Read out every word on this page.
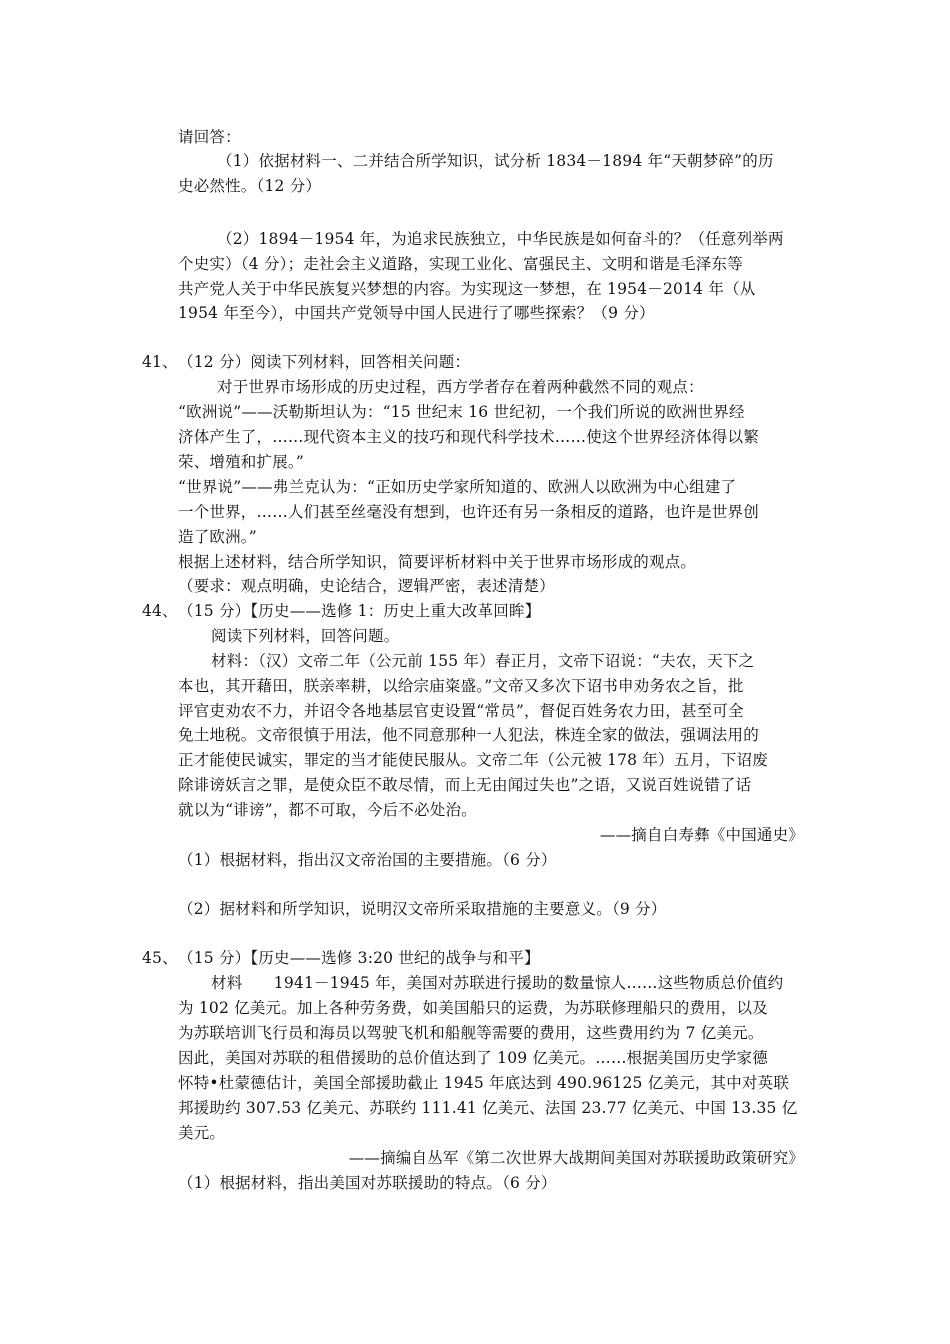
请回答：
（1）依据材料一、二并结合所学知识，试分析 1834－1894 年“天朝梦碎”的历
史必然性。（12 分）
（2）1894－1954 年，为追求民族独立，中华民族是如何奋斗的？（任意列举两
个史实）（4 分）；走社会主义道路，实现工业化、富强民主、文明和谐是毛泽东等
共产党人关于中华民族复兴梦想的内容。为实现这一梦想，在 1954－2014 年（从
1954 年至今），中国共产党领导中国人民进行了哪些探索？（9 分）
41、 （12 分）阅读下列材料，回答相关问题：
对于世界市场形成的历史过程，西方学者存在着两种截然不同的观点：
“欧洲说”——沃勒斯坦认为：“15 世纪末 16 世纪初，一个我们所说的欧洲世界经
济体产生了，……现代资本主义的技巧和现代科学技术……使这个世界经济体得以繁
荣、增殖和扩展。”
“世界说”——弗兰克认为：“正如历史学家所知道的、欧洲人以欧洲为中心组建了
一个世界，……人们甚至丝毫没有想到，也许还有另一条相反的道路，也许是世界创
造了欧洲。”
根据上述材料，结合所学知识，简要评析材料中关于世界市场形成的观点。
（要求：观点明确，史论结合，逻辑严密，表述清楚）
44、 （15 分）【历史——选修 1：历史上重大改革回眸】
阅读下列材料，回答问题。
材料：（汉）文帝二年（公元前 155 年）春正月，文帝下诏说：“夫农，天下之
本也，其开藉田，朕亲率耕，以给宗庙粢盛。”文帝又多次下诏书申劝务农之旨，批
评官吏劝农不力，并诏令各地基层官吏设置“常员”，督促百姓务农力田，甚至可全
免土地税。文帝很慎于用法，他不同意那种一人犯法，株连全家的做法，强调法用的
正才能使民诚实，罪定的当才能使民服从。文帝二年（公元被 178 年）五月，下诏废
除诽谤妖言之罪，是使众臣不敢尽情，而上无由闻过失也”之语，又说百姓说错了话
就以为“诽谤”，都不可取，今后不必处治。
——摘自白寿彝《中国通史》
（1）根据材料，指出汉文帝治国的主要措施。（6 分）
（2）据材料和所学知识，说明汉文帝所采取措施的主要意义。（9 分）
45、 （15 分）【历史——选修 3:20 世纪的战争与和平】
材料　　1941－1945 年，美国对苏联进行援助的数量惊人……这些物质总价值约
为 102 亿美元。加上各种劳务费，如美国船只的运费，为苏联修理船只的费用，以及
为苏联培训飞行员和海员以驾驶飞机和船舰等需要的费用，这些费用约为 7 亿美元。
因此，美国对苏联的租借援助的总价值达到了 109 亿美元。……根据美国历史学家德
怀特•杜蒙德估计，美国全部援助截止 1945 年底达到 490.96125 亿美元，其中对英联
邦援助约 307.53 亿美元、苏联约 111.41 亿美元、法国 23.77 亿美元、中国 13.35 亿
美元。
——摘编自丛军《第二次世界大战期间美国对苏联援助政策研究》
（1）根据材料，指出美国对苏联援助的特点。（6 分）
